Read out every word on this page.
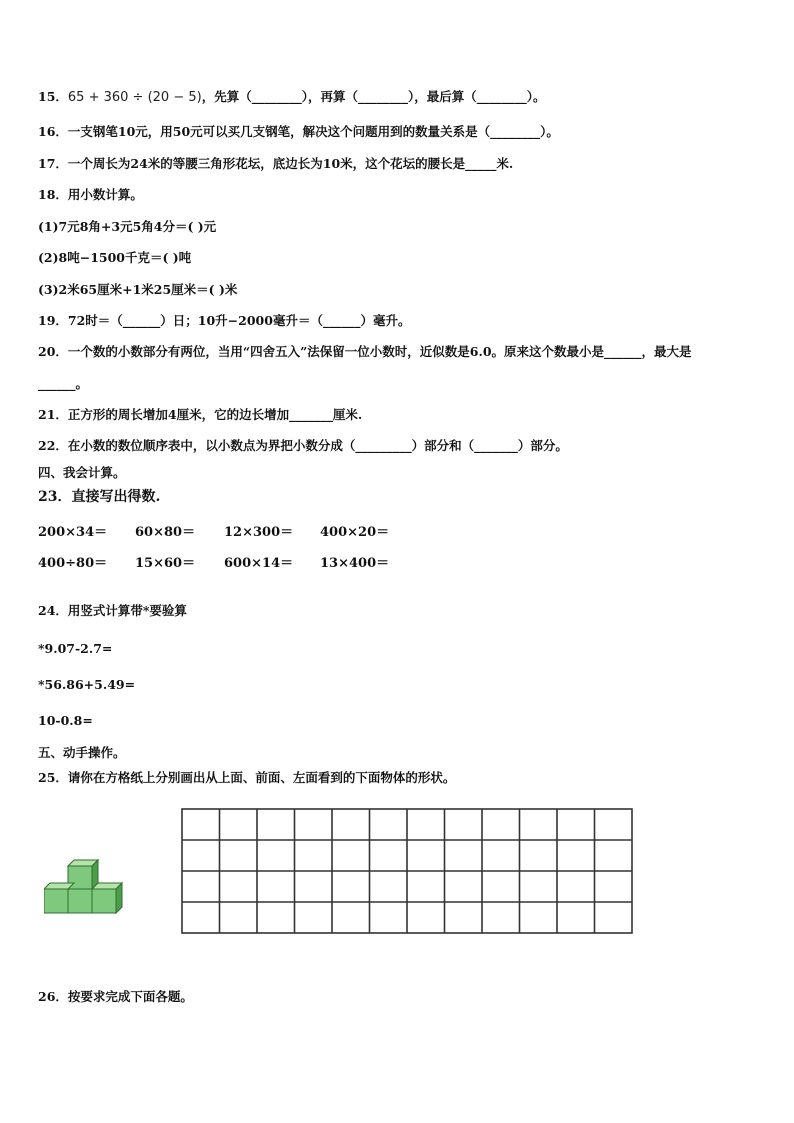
15．65 + 360 ÷ (20 − 5)，先算（________），再算（________），最后算（________）。
16．一支钢笔10元，用50元可以买几支钢笔，解决这个问题用到的数量关系是（________）。
17．一个周长为24米的等腰三角形花坛，底边长为10米，这个花坛的腰长是_____米.
18．用小数计算。
(1)7元8角+3元5角4分＝( )元
(2)8吨−1500千克＝( )吨
(3)2米65厘米+1米25厘米＝( )米
19．72时＝（______）日；10升−2000毫升＝（______）毫升。
20．一个数的小数部分有两位，当用“四舍五入”法保留一位小数时，近似数是6.0。原来这个数最小是______，最大是
______。
21．正方形的周长增加4厘米，它的边长增加_______厘米.
22．在小数的数位顺序表中，以小数点为界把小数分成（_________）部分和（_______）部分。
四、我会计算。
23．直接写出得数.
200×34＝ 60×80＝ 12×300＝ 400×20＝
400÷80＝ 15×60＝ 600×14＝ 13×400＝
24．用竖式计算带*要验算
*9.07-2.7=
*56.86+5.49=
10-0.8=
五、动手操作。
25．请你在方格纸上分别画出从上面、前面、左面看到的下面物体的形状。
26．按要求完成下面各题。
